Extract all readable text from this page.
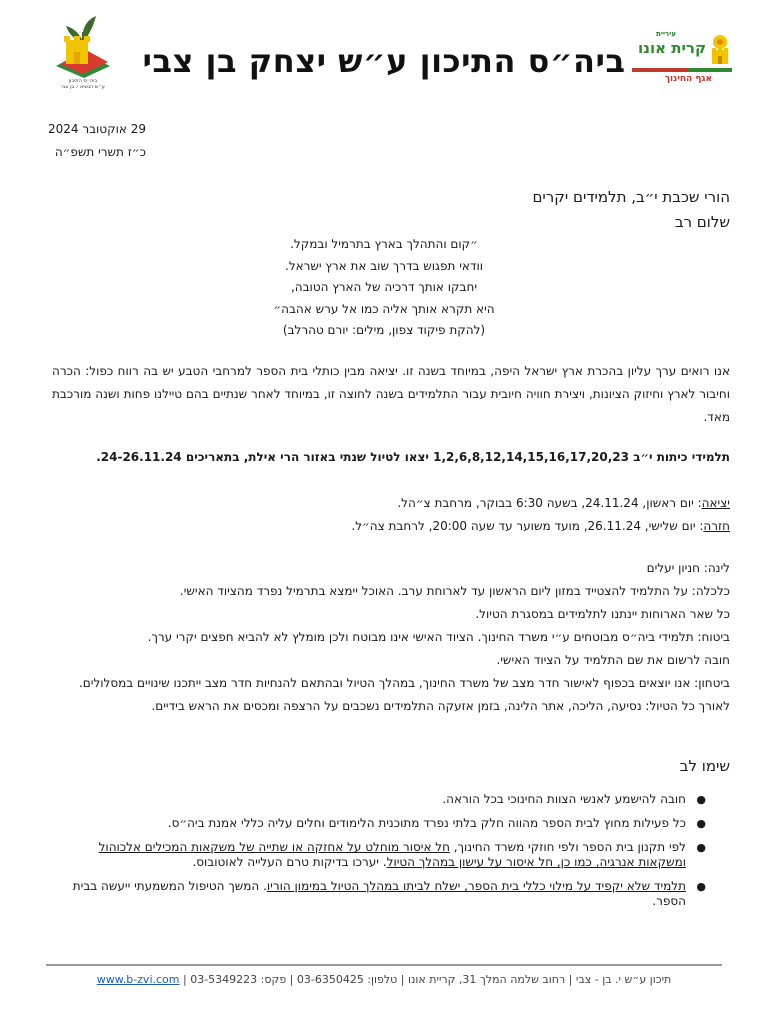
ביה״ס התיכון
ע״ש הנשיא י. בן צבי
ביה״ס התיכון ע״ש יצחק בן צבי
עיריית
קרית אונו
אגף החינוך
29 אוקטובר 2024
כ״ז תשרי תשפ״ה
הורי שכבת י״ב, תלמידים יקרים
שלום רב
״קום והתהלך בארץ בתרמיל ובמקל.
וודאי תפגוש בדרך שוב את ארץ ישראל.
יחבקו אותך דרכיה של הארץ הטובה,
היא תקרא אותך אליה כמו אל ערש אהבה״
(להקת פיקוד צפון, מילים: יורם טהרלב)
אנו רואים ערך עליון בהכרת ארץ ישראל היפה, במיוחד בשנה זו. יציאה מבין כותלי בית הספר למרחבי הטבע יש בה רווח כפול: הכרה וחיבור לארץ וחיזוק הציונות, ויצירת חוויה חיובית עבור התלמידים בשנה לחוצה זו, במיוחד לאחר שנתיים בהם טיילנו פחות ושנה מורכבת מאד.
תלמידי כיתות י״ב 1,2,6,8,12,14,15,16,17,20,23 יצאו לטיול שנתי באזור הרי אילת, בתאריכים 24-26.11.24.
יציאה: יום ראשון, 24.11.24, בשעה 6:30 בבוקר, מרחבת צ״הל.
חזרה: יום שלישי, 26.11.24, מועד משוער עד שעה 20:00, לרחבת צה״ל.
לינה: חניון יעלים
כלכלה: על התלמיד להצטייד במזון ליום הראשון עד לארוחת ערב. האוכל יימצא בתרמיל נפרד מהציוד האישי.
כל שאר הארוחות יינתנו לתלמידים במסגרת הטיול.
ביטוח: תלמידי ביה״ס מבוטחים ע״י משרד החינוך. הציוד האישי אינו מבוטח ולכן מומלץ לא להביא חפצים יקרי ערך.
חובה לרשום את שם התלמיד על הציוד האישי.
ביטחון: אנו יוצאים בכפוף לאישור חדר מצב של משרד החינוך, במהלך הטיול ובהתאם להנחיות חדר מצב ייתכנו שינויים במסלולים.
לאורך כל הטיול: נסיעה, הליכה, אתר הלינה, בזמן אזעקה התלמידים נשכבים על הרצפה ומכסים את הראש בידיים.
שימו לב
●
חובה להישמע לאנשי הצוות החינוכי בכל הוראה.
●
כל פעילות מחוץ לבית הספר מהווה חלק בלתי נפרד מתוכנית הלימודים וחלים עליה כללי אמנת ביה״ס.
●
לפי תקנון בית הספר ולפי חוזקי משרד החינוך, חל איסור מוחלט על אחזקה או שתייה של משקאות המכילים אלכוהול ומשקאות אנרגיה, כמו כן, חל איסור על עישון במהלך הטיול. יערכו בדיקות טרם העלייה לאוטובוס.
●
תלמיד שלא יקפיד על מילוי כללי בית הספר, ישלח לביתו במהלך הטיול במימון הוריו. המשך הטיפול המשמעתי ייעשה בבית הספר.
תיכון ע״ש י. בן - צבי | רחוב שלמה המלך 31, קריית אונו | טלפון: 03-6350425 | פקס: 03-5349223 | www.b-zvi.com
